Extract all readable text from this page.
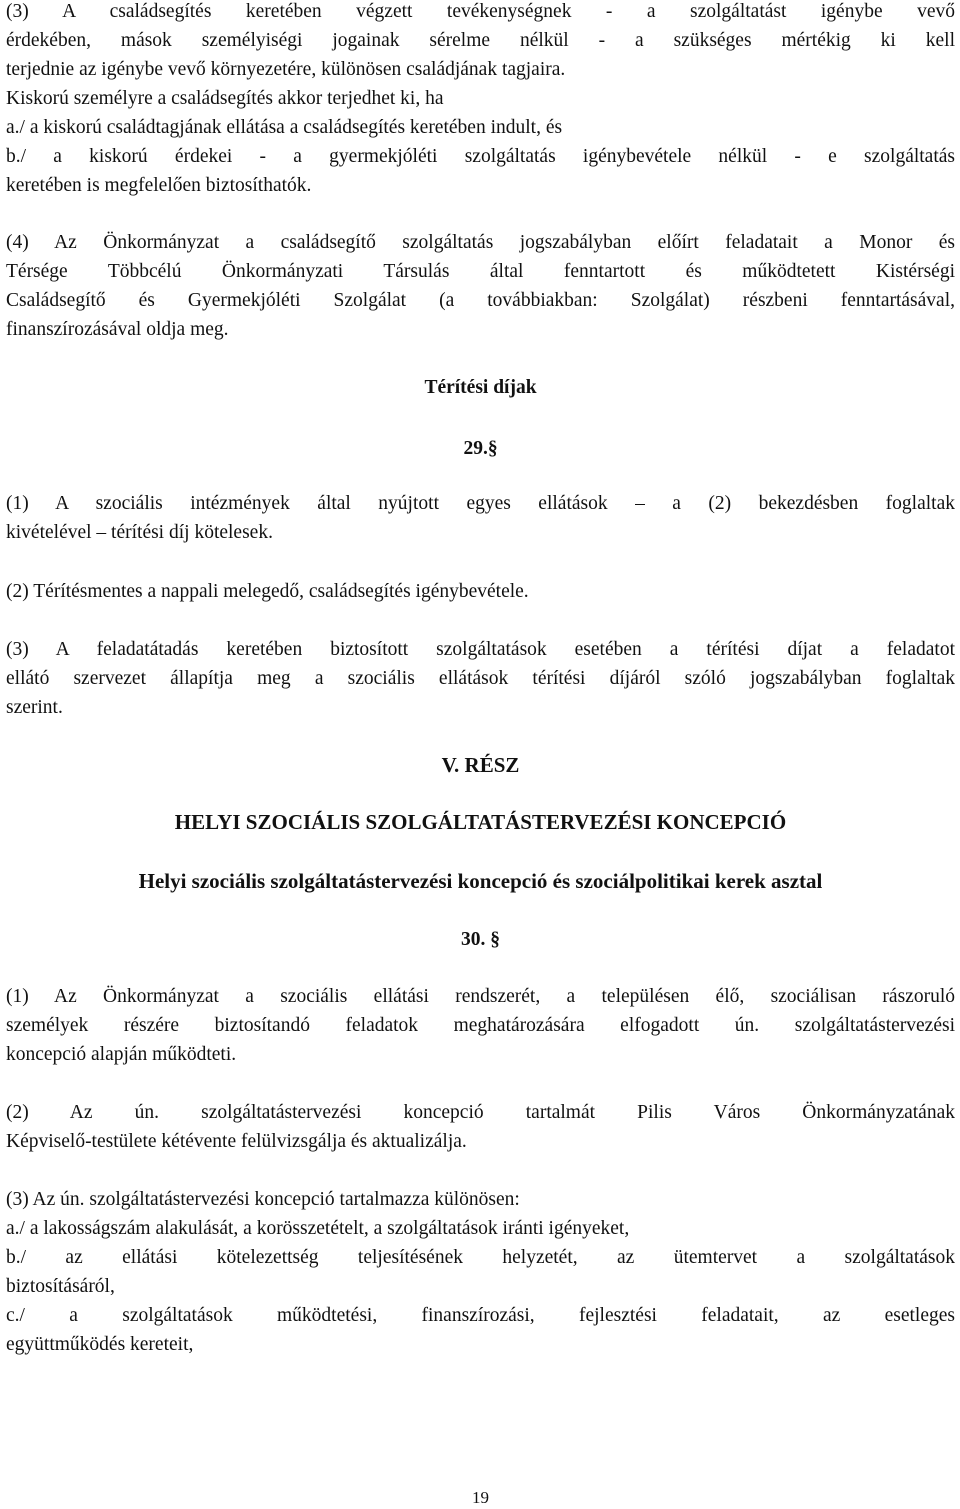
(3) A családsegítés keretében végzett tevékenységnek - a szolgáltatást igénybe vevő
érdekében, mások személyiségi jogainak sérelme nélkül - a szükséges mértékig ki kell
terjednie az igénybe vevő környezetére, különösen családjának tagjaira.
Kiskorú személyre a családsegítés akkor terjedhet ki, ha
a./ a kiskorú családtagjának ellátása a családsegítés keretében indult, és
b./ a kiskorú érdekei - a gyermekjóléti szolgáltatás igénybevétele nélkül - e szolgáltatás
keretében is megfelelően biztosíthatók.

(4) Az Önkormányzat a családsegítő szolgáltatás jogszabályban előírt feladatait a Monor és
Térsége Többcélú Önkormányzati Társulás által fenntartott és működtetett Kistérségi
Családsegítő és Gyermekjóléti Szolgálat (a továbbiakban: Szolgálat) részbeni fenntartásával,
finanszírozásával oldja meg.

Térítési díjak

29.§

(1) A szociális intézmények által nyújtott egyes ellátások – a (2) bekezdésben foglaltak
kivételével – térítési díj kötelesek.

(2) Térítésmentes a nappali melegedő, családsegítés igénybevétele.

(3) A feladatátadás keretében biztosított szolgáltatások esetében a térítési díjat a feladatot
ellátó szervezet állapítja meg a szociális ellátások térítési díjáról szóló jogszabályban foglaltak
szerint.

V. RÉSZ

HELYI SZOCIÁLIS SZOLGÁLTATÁSTERVEZÉSI KONCEPCIÓ

Helyi szociális szolgáltatástervezési koncepció és szociálpolitikai kerek asztal

30. §

(1) Az Önkormányzat a szociális ellátási rendszerét, a településen élő, szociálisan rászoruló
személyek részére biztosítandó feladatok meghatározására elfogadott ún. szolgáltatástervezési
koncepció alapján működteti.

(2) Az ún. szolgáltatástervezési koncepció tartalmát Pilis Város Önkormányzatának
Képviselő-testülete kétévente felülvizsgálja és aktualizálja.

(3) Az ún. szolgáltatástervezési koncepció tartalmazza különösen:
a./ a lakosságszám alakulását, a korösszetételt, a szolgáltatások iránti igényeket,
b./ az ellátási kötelezettség teljesítésének helyzetét, az ütemtervet a szolgáltatások
biztosításáról,
c./ a szolgáltatások működtetési, finanszírozási, fejlesztési feladatait, az esetleges
együttműködés kereteit,

19
